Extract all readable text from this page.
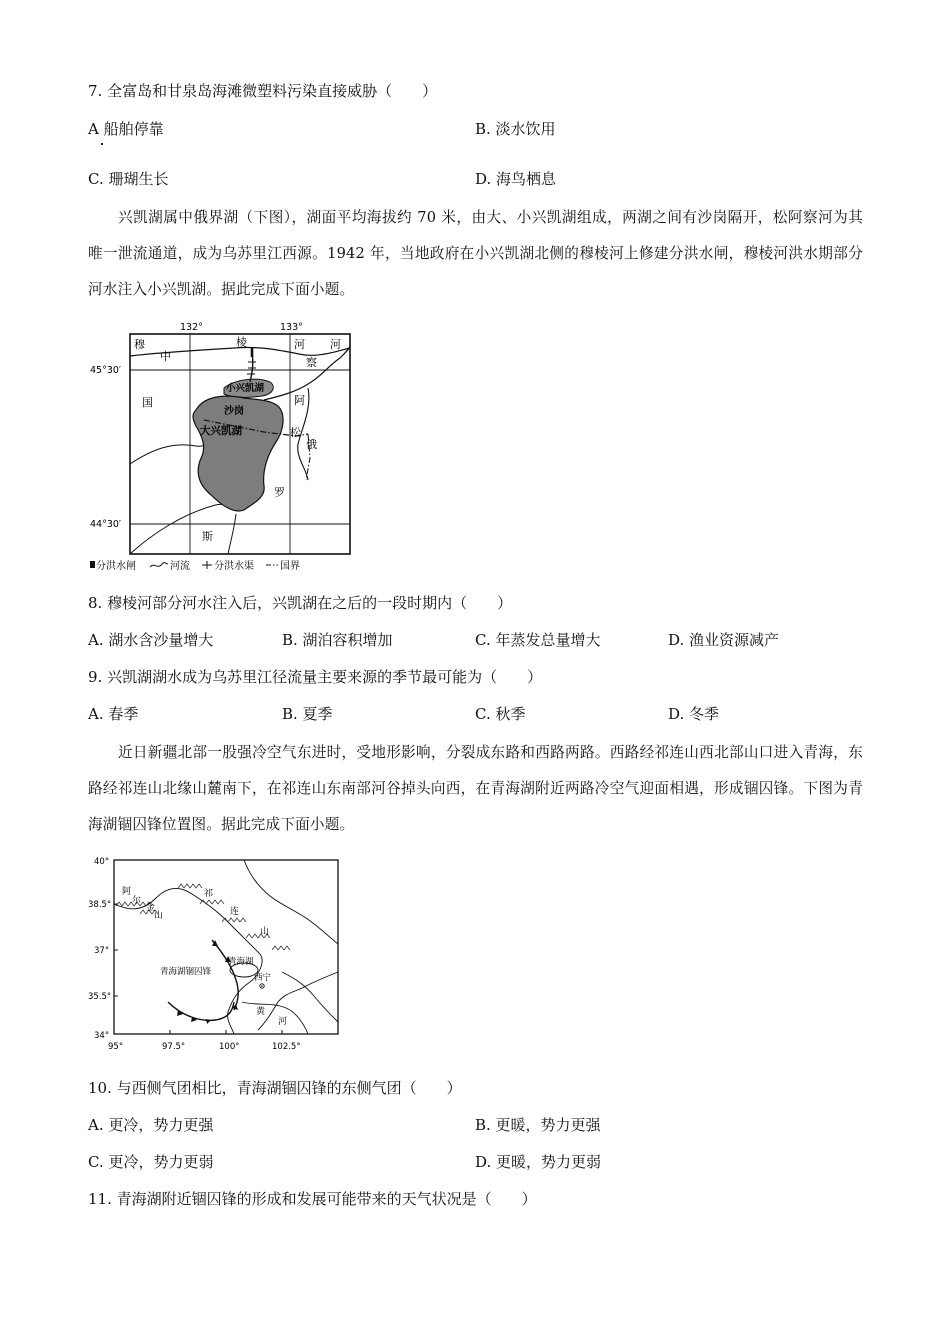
7. 全富岛和甘泉岛海滩微塑料污染直接威胁（　　）
A 船舶停靠	B. 淡水饮用
C. 珊瑚生长	D. 海鸟栖息
兴凯湖属中俄界湖（下图），湖面平均海拔约 70 米，由大、小兴凯湖组成，两湖之间有沙岗隔开，松阿察河为其唯一泄流通道，成为乌苏里江西源。1942 年，当地政府在小兴凯湖北侧的穆棱河上修建分洪水闸，穆棱河洪水期部分河水注入小兴凯湖。据此完成下面小题。
132°	133°
45°30′
44°30′
穆	棱	河 河
中
国
小兴凯湖
沙岗
大兴凯湖
阿
察
松
俄
罗
斯
分洪水闸	河流 分洪水渠	国界
8. 穆棱河部分河水注入后，兴凯湖在之后的一段时期内（　　）
A. 湖水含沙量增大	B. 湖泊容积增加	C. 年蒸发总量增大	D. 渔业资源减产
9. 兴凯湖湖水成为乌苏里江径流量主要来源的季节最可能为（　　）
A. 春季	B. 夏季	C. 秋季	D. 冬季
近日新疆北部一股强冷空气东进时，受地形影响，分裂成东路和西路两路。西路经祁连山西北部山口进入青海，东路经祁连山北缘山麓南下，在祁连山东南部河谷掉头向西，在青海湖附近两路冷空气迎面相遇，形成锢囚锋。下图为青海湖锢囚锋位置图。据此完成下面小题。
40°
38.5°
37°
35.5°
34°
95°	97.5°	100°	102.5°
阿
尔
金
山
祁
连
山
青海湖
西宁
黄
河
青海湖锢囚锋
10. 与西侧气团相比，青海湖锢囚锋的东侧气团（　　）
A. 更冷，势力更强	B. 更暖，势力更强
C. 更冷，势力更弱	D. 更暖，势力更弱
11. 青海湖附近锢囚锋的形成和发展可能带来的天气状况是（　　）
